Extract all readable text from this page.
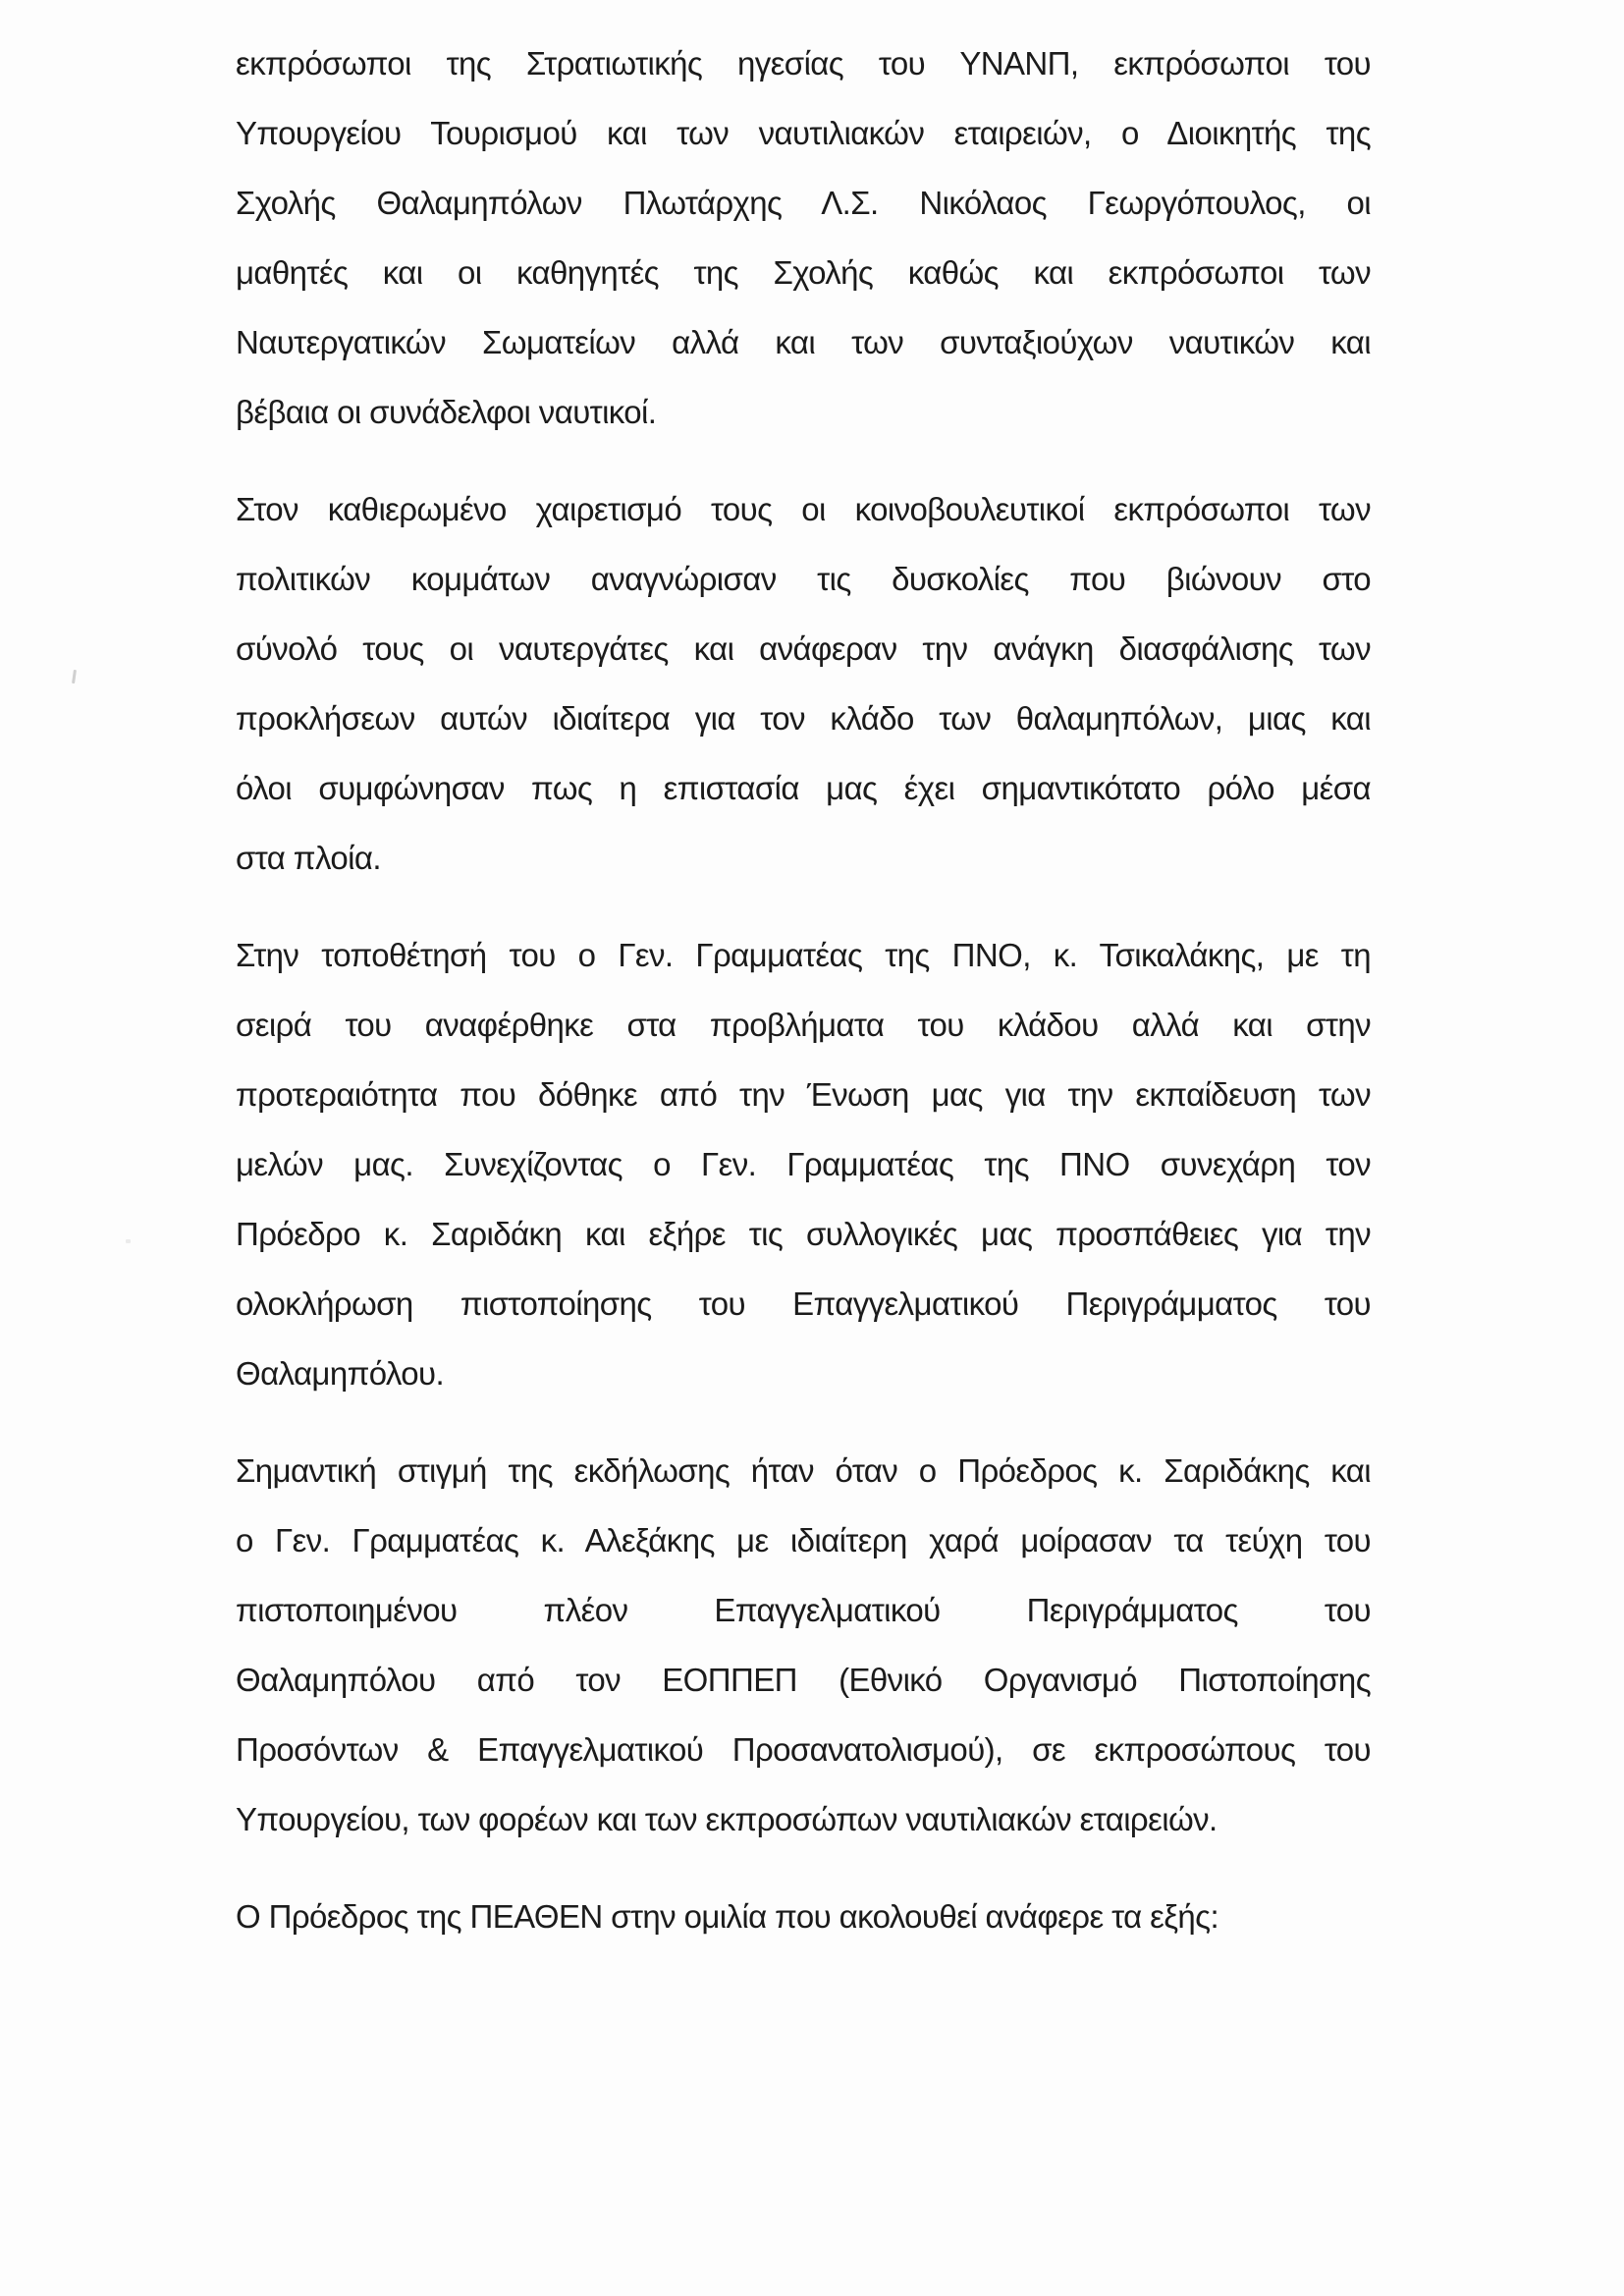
εκπρόσωποι της Στρατιωτικής ηγεσίας του ΥΝΑΝΠ, εκπρόσωποι του
Υπουργείου Τουρισμού και των ναυτιλιακών εταιρειών, ο Διοικητής της
Σχολής Θαλαμηπόλων Πλωτάρχης Λ.Σ. Νικόλαος Γεωργόπουλος, οι
μαθητές και οι καθηγητές της Σχολής καθώς και εκπρόσωποι των
Ναυτεργατικών Σωματείων αλλά και των συνταξιούχων ναυτικών και
βέβαια οι συνάδελφοι ναυτικοί.
Στον καθιερωμένο χαιρετισμό τους οι κοινοβουλευτικοί εκπρόσωποι των
πολιτικών κομμάτων αναγνώρισαν τις δυσκολίες που βιώνουν στο
σύνολό τους οι ναυτεργάτες και ανάφεραν την ανάγκη διασφάλισης των
προκλήσεων αυτών ιδιαίτερα για τον κλάδο των θαλαμηπόλων, μιας και
όλοι συμφώνησαν πως η επιστασία μας έχει σημαντικότατο ρόλο μέσα
στα πλοία.
Στην τοποθέτησή του ο Γεν. Γραμματέας της ΠΝΟ, κ. Τσικαλάκης, με τη
σειρά του αναφέρθηκε στα προβλήματα του κλάδου αλλά και στην
προτεραιότητα που δόθηκε από την Ένωση μας για την εκπαίδευση των
μελών μας. Συνεχίζοντας ο Γεν. Γραμματέας της ΠΝΟ συνεχάρη τον
Πρόεδρο κ. Σαριδάκη και εξήρε τις συλλογικές μας προσπάθειες για την
ολοκλήρωση πιστοποίησης του Επαγγελματικού Περιγράμματος του
Θαλαμηπόλου.
Σημαντική στιγμή της εκδήλωσης ήταν όταν ο Πρόεδρος κ. Σαριδάκης και
ο Γεν. Γραμματέας κ. Αλεξάκης με ιδιαίτερη χαρά μοίρασαν τα τεύχη του
πιστοποιημένου πλέον Επαγγελματικού Περιγράμματος του
Θαλαμηπόλου από τον ΕΟΠΠΕΠ (Εθνικό Οργανισμό Πιστοποίησης
Προσόντων & Επαγγελματικού Προσανατολισμού), σε εκπροσώπους του
Υπουργείου, των φορέων και των εκπροσώπων ναυτιλιακών εταιρειών.
Ο Πρόεδρος της ΠΕΑΘΕΝ στην ομιλία που ακολουθεί ανάφερε τα εξής:
